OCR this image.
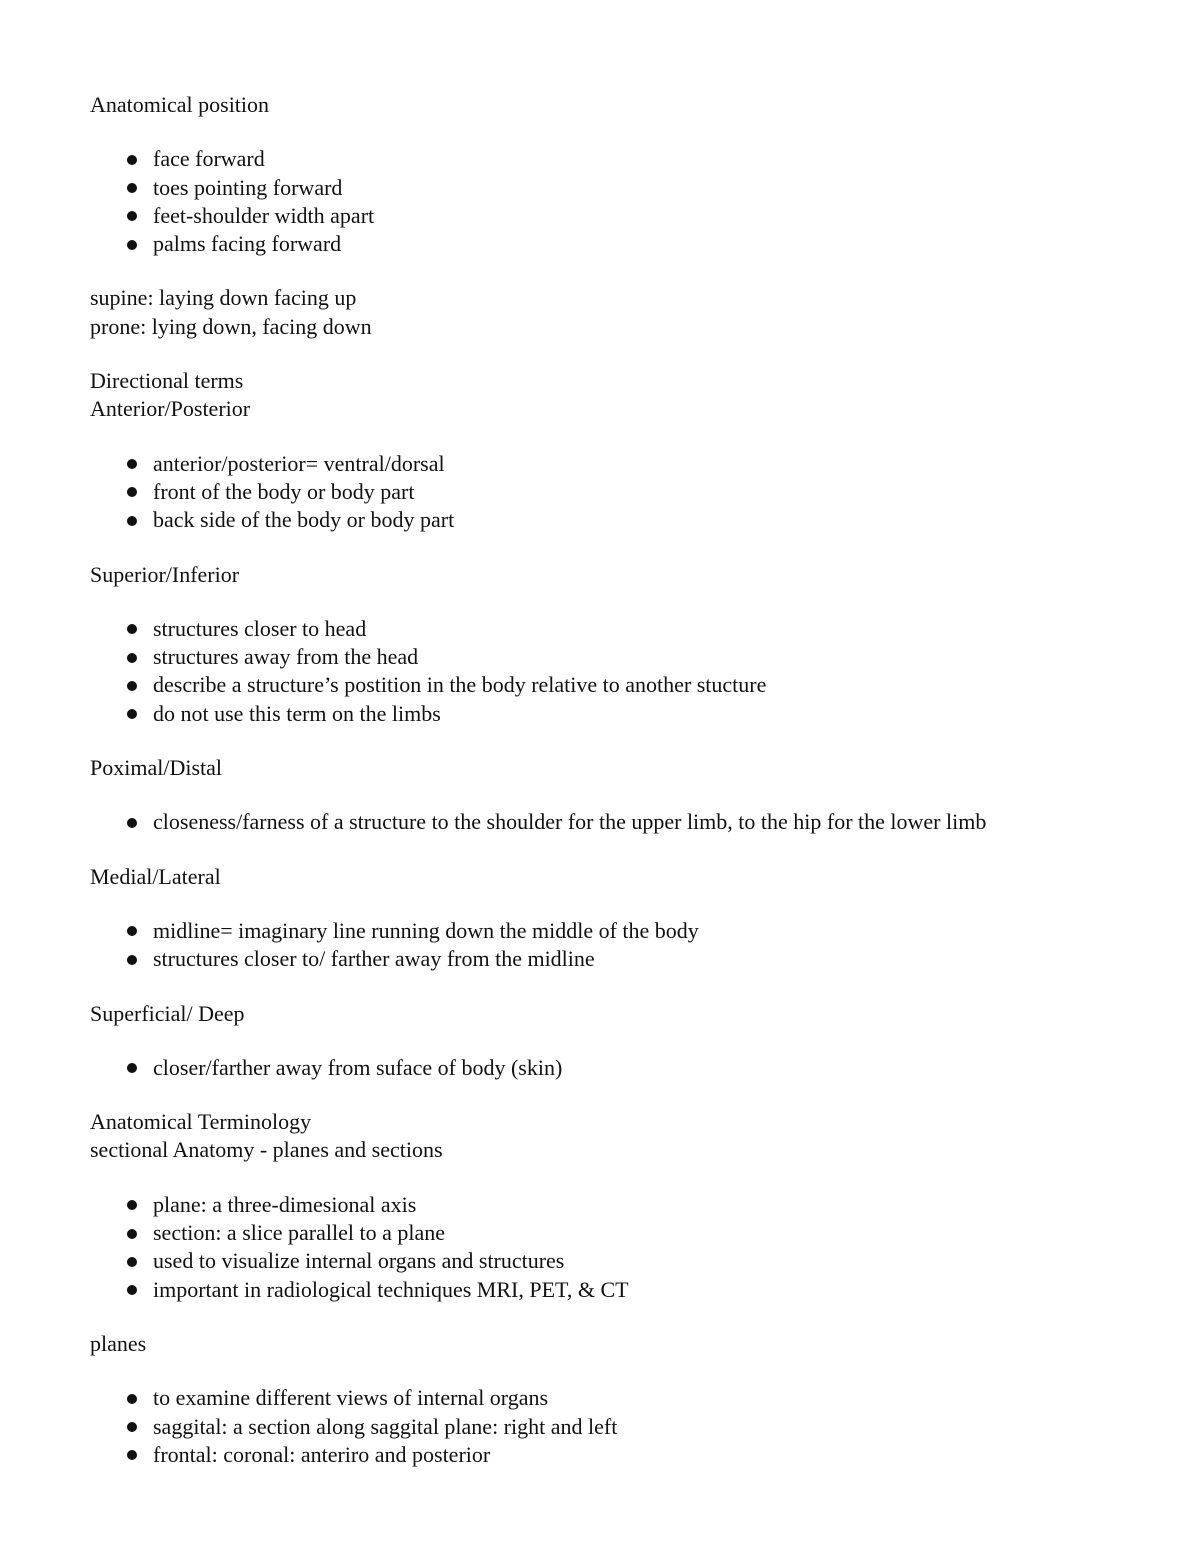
Anatomical position
face forward
toes pointing forward
feet-shoulder width apart
palms facing forward
supine: laying down facing up
prone: lying down, facing down
Directional terms
Anterior/Posterior
anterior/posterior= ventral/dorsal
front of the body or body part
back side of the body or body part
Superior/Inferior
structures closer to head
structures away from the head
describe a structure’s postition in the body relative to another stucture
do not use this term on the limbs
Poximal/Distal
closeness/farness of a structure to the shoulder for the upper limb, to the hip for the lower limb
Medial/Lateral
midline= imaginary line running down the middle of the body
structures closer to/ farther away from the midline
Superficial/ Deep
closer/farther away from suface of body (skin)
Anatomical Terminology
sectional Anatomy - planes and sections
plane: a three-dimesional axis
section: a slice parallel to a plane
used to visualize internal organs and structures
important in radiological techniques MRI, PET, & CT
planes
to examine different views of internal organs
saggital: a section along saggital plane: right and left
frontal: coronal: anteriro and posterior
